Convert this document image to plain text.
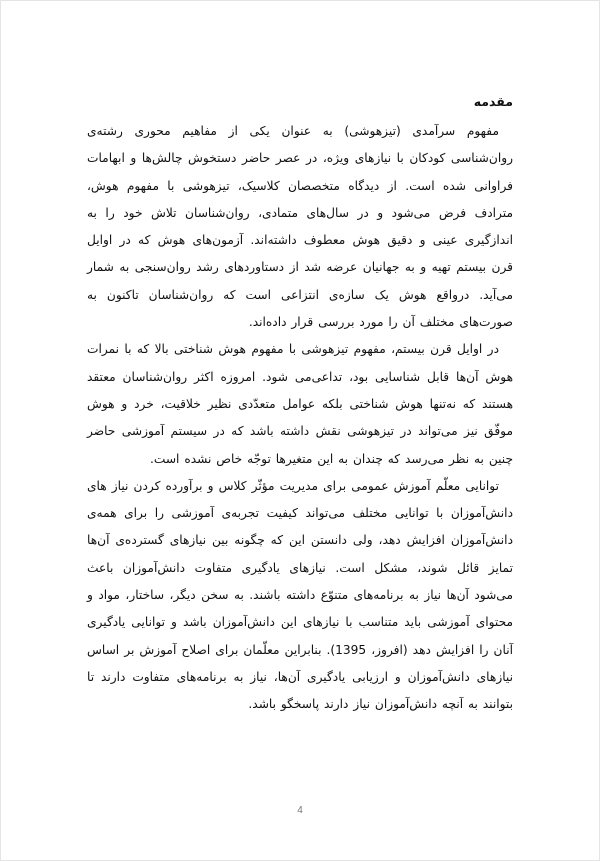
مقدمه

مفهوم سرآمدی (تیزهوشی) به عنوان یکی از مفاهیم محوری رشته‌ی روان‌شناسی کودکان با نیازهای ویژه، در عصر حاضر دستخوش چالش‌ها و ابهامات فراوانی شده است. از دیدگاه متخصصان کلاسیک، تیزهوشی با مفهوم هوش، مترادف فرض می‌شود و در سال‌های متمادی، روان‌شناسان تلاش خود را به اندازگیری عینی و دقیق هوش معطوف داشته‌اند. آزمون‌های هوش که در اوایل قرن بیستم تهیه و به جهانیان عرضه شد از دستاوردهای رشد روان‌سنجی به شمار می‌آید. درواقع هوش یک سازه‌ی انتزاعی است که روان‌شناسان تاکنون به صورت‌های مختلف آن را مورد بررسی قرار داده‌اند.

در اوایل قرن بیستم، مفهوم تیزهوشی با مفهوم هوش شناختی بالا که با نمرات هوش آن‌ها قابل شناسایی بود، تداعی‌می شود. امروزه اکثر روان‌شناسان معتقد هستند که نه‌تنها هوش شناختی بلکه عوامل متعدّدی نظیر خلاقیت، خرد و هوش موفّق نیز می‌تواند در تیزهوشی نقش داشته باشد که در سیستم آموزشی حاضر چنین به نظر می‌رسد که چندان به این متغیرها توجّه خاص نشده است.

توانایی معلّم آموزش عمومی برای مدیریت مؤثّر کلاس و برآورده کردن نیاز های دانش‌آموزان با توانایی مختلف می‌تواند کیفیت تجربه‌ی آموزشی را برای همه‌ی دانش‌آموزان افزایش دهد، ولی دانستن این که چگونه بین نیازهای گسترده‌ی آن‌ها تمایز قائل شوند، مشکل است. نیازهای یادگیری متفاوت دانش‌آموزان باعث می‌شود آن‌ها نیاز به برنامه‌های متنوّع داشته باشند. به سخن دیگر، ساختار، مواد و محتوای آموزشی باید متناسب با نیازهای این دانش‌آموزان باشد و توانایی یادگیری آنان را افزایش دهد (افروز، 1395). بنابراین معلّمان برای اصلاح آموزش بر اساس نیازهای دانش‌آموزان و ارزیابی یادگیری آن‌ها، نیاز به برنامه‌های متفاوت دارند تا بتوانند به آنچه دانش‌آموزان نیاز دارند پاسخگو باشد.

4
